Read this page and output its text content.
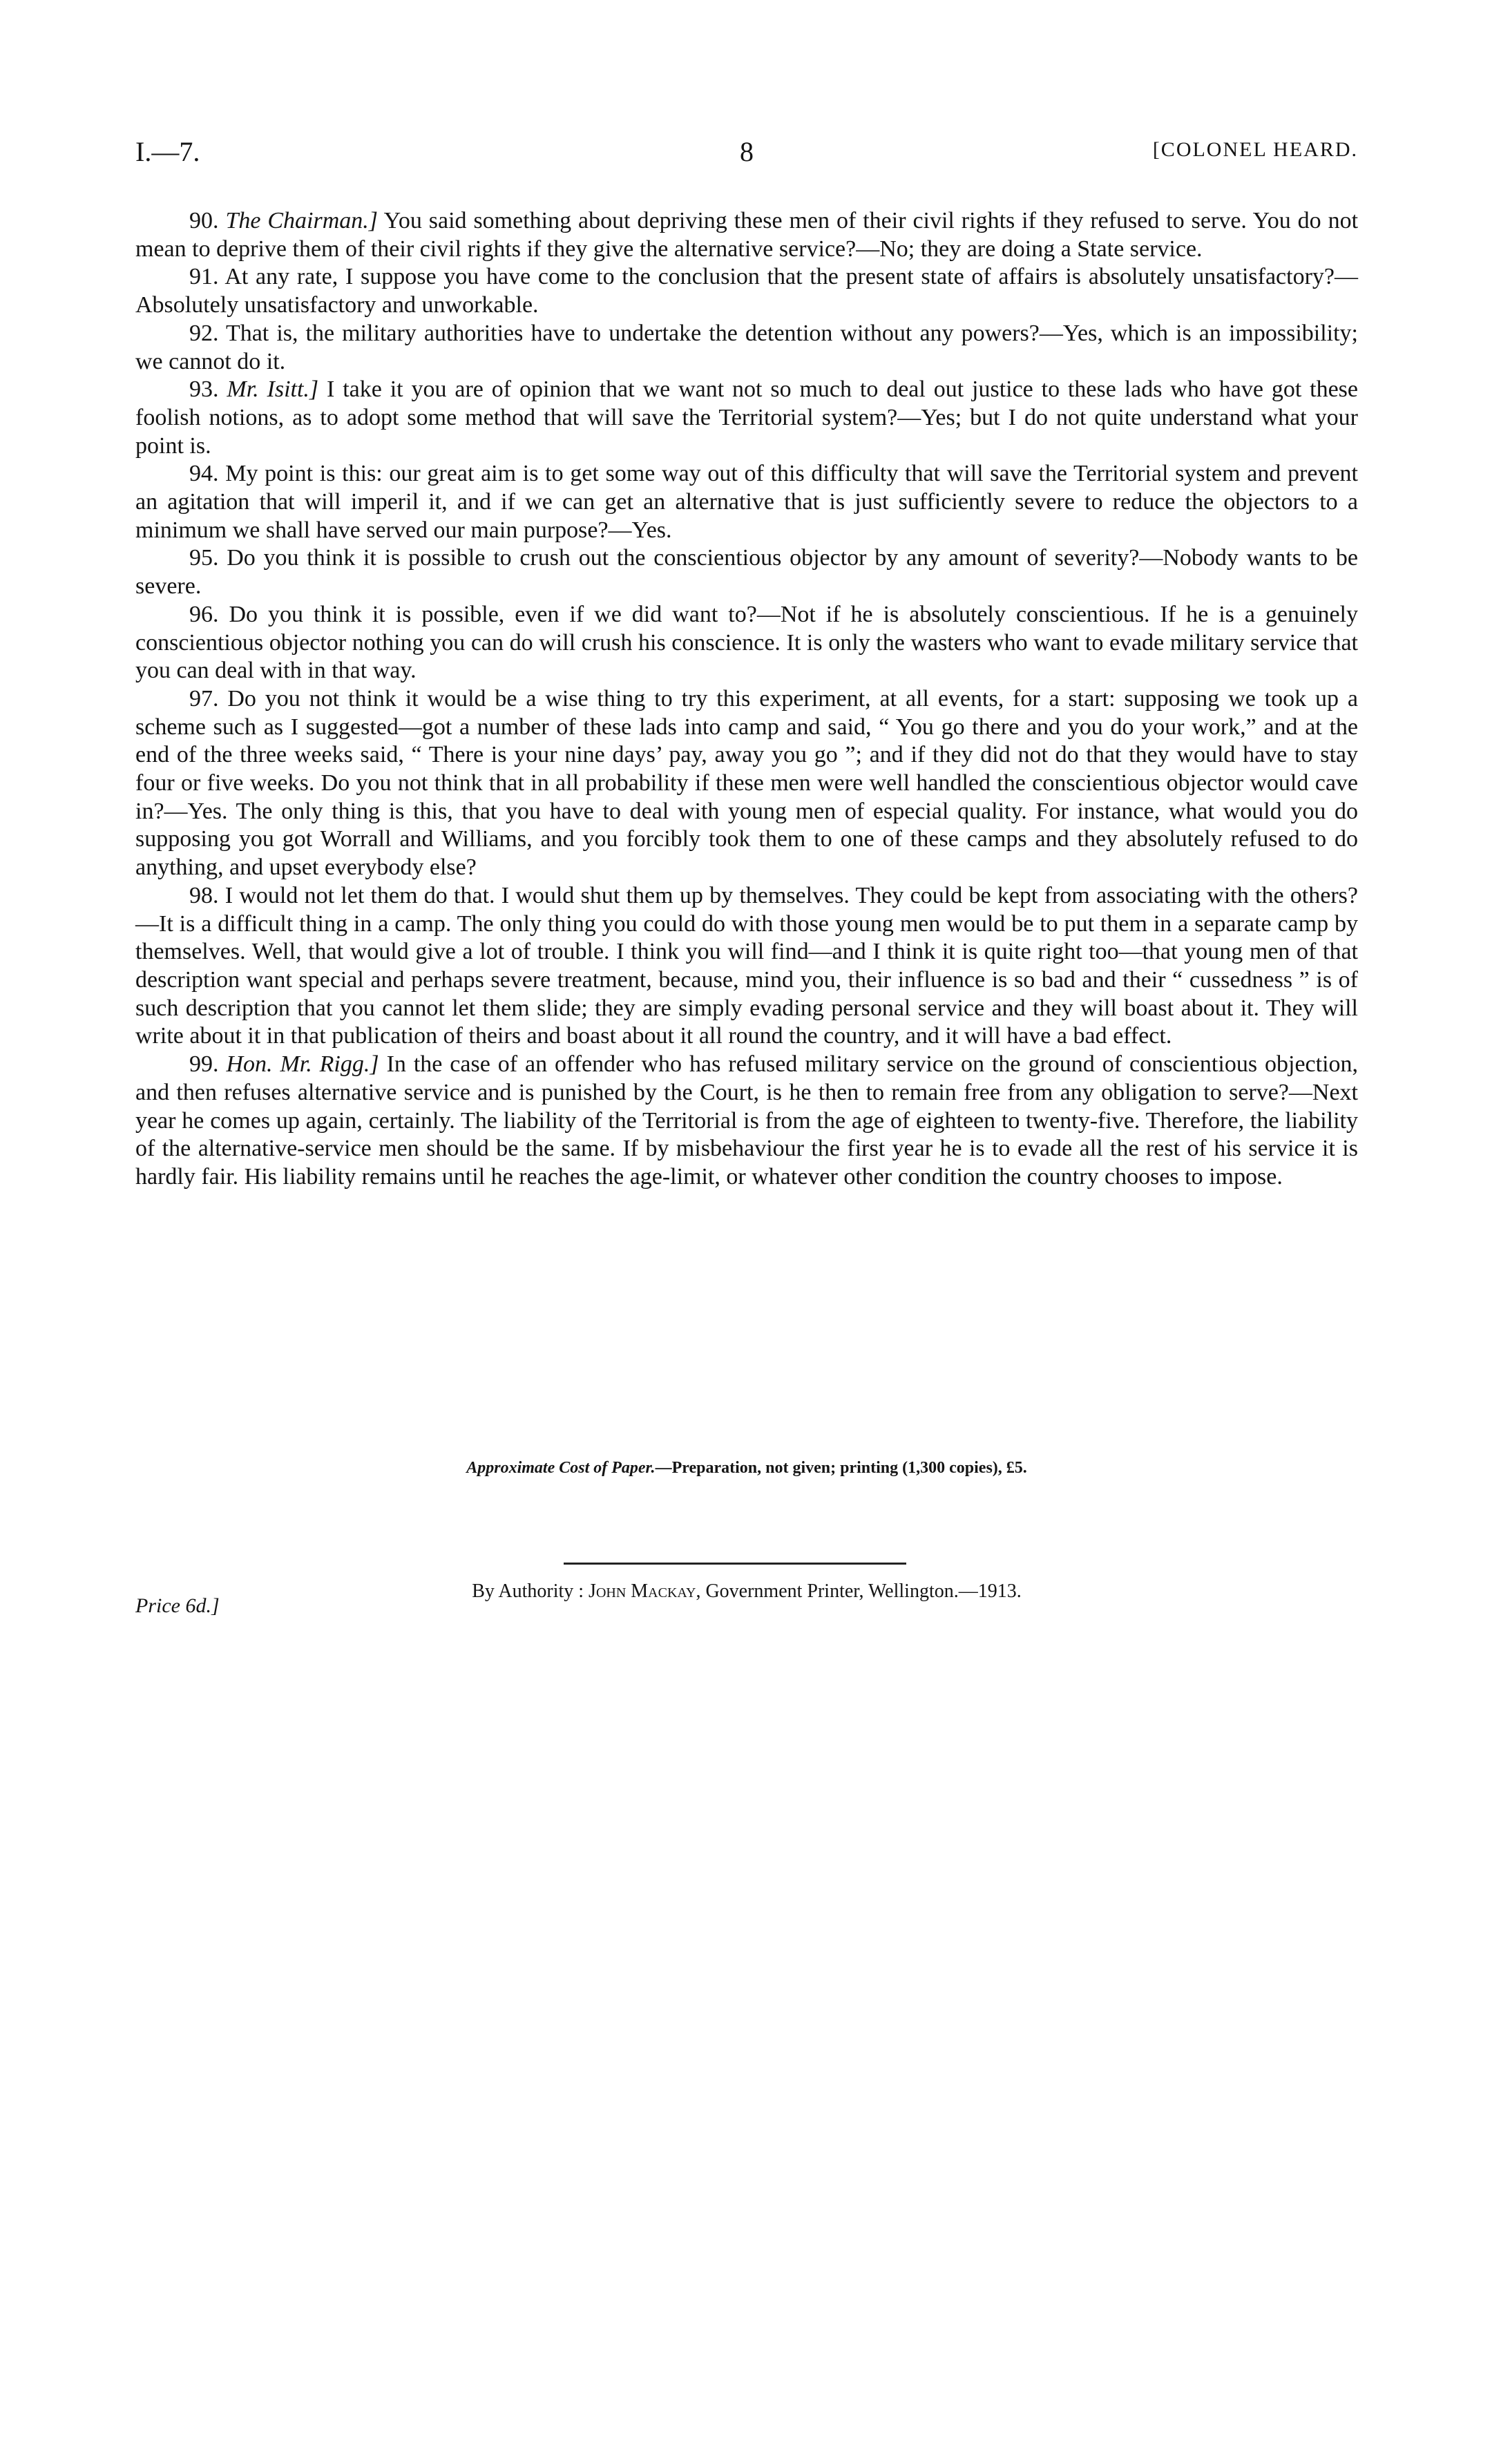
I.—7.	8	[COLONEL HEARD.

90. The Chairman.] You said something about depriving these men of their civil rights if they refused to serve. You do not mean to deprive them of their civil rights if they give the alternative service?—No; they are doing a State service.

91. At any rate, I suppose you have come to the conclusion that the present state of affairs is absolutely unsatisfactory?—Absolutely unsatisfactory and unworkable.

92. That is, the military authorities have to undertake the detention without any powers?—Yes, which is an impossibility; we cannot do it.

93. Mr. Isitt.] I take it you are of opinion that we want not so much to deal out justice to these lads who have got these foolish notions, as to adopt some method that will save the Territorial system?—Yes; but I do not quite understand what your point is.

94. My point is this: our great aim is to get some way out of this difficulty that will save the Territorial system and prevent an agitation that will imperil it, and if we can get an alternative that is just sufficiently severe to reduce the objectors to a minimum we shall have served our main purpose?—Yes.

95. Do you think it is possible to crush out the conscientious objector by any amount of severity?—Nobody wants to be severe.

96. Do you think it is possible, even if we did want to?—Not if he is absolutely conscientious. If he is a genuinely conscientious objector nothing you can do will crush his conscience. It is only the wasters who want to evade military service that you can deal with in that way.

97. Do you not think it would be a wise thing to try this experiment, at all events, for a start: supposing we took up a scheme such as I suggested—got a number of these lads into camp and said, “ You go there and you do your work,” and at the end of the three weeks said, “ There is your nine days’ pay, away you go ”; and if they did not do that they would have to stay four or five weeks. Do you not think that in all probability if these men were well handled the conscientious objector would cave in?—Yes. The only thing is this, that you have to deal with young men of especial quality. For instance, what would you do supposing you got Worrall and Williams, and you forcibly took them to one of these camps and they absolutely refused to do anything, and upset everybody else?

98. I would not let them do that. I would shut them up by themselves. They could be kept from associating with the others?—It is a difficult thing in a camp. The only thing you could do with those young men would be to put them in a separate camp by themselves. Well, that would give a lot of trouble. I think you will find—and I think it is quite right too—that young men of that description want special and perhaps severe treatment, because, mind you, their influence is so bad and their “ cussedness ” is of such description that you cannot let them slide; they are simply evading personal service and they will boast about it. They will write about it in that publication of theirs and boast about it all round the country, and it will have a bad effect.

99. Hon. Mr. Rigg.] In the case of an offender who has refused military service on the ground of conscientious objection, and then refuses alternative service and is punished by the Court, is he then to remain free from any obligation to serve?—Next year he comes up again, certainly. The liability of the Territorial is from the age of eighteen to twenty-five. Therefore, the liability of the alternative-service men should be the same. If by misbehaviour the first year he is to evade all the rest of his service it is hardly fair. His liability remains until he reaches the age-limit, or whatever other condition the country chooses to impose.

Approximate Cost of Paper.—Preparation, not given; printing (1,300 copies), £5.
By Authority : John Mackay, Government Printer, Wellington.—1913.
Price 6d.]
